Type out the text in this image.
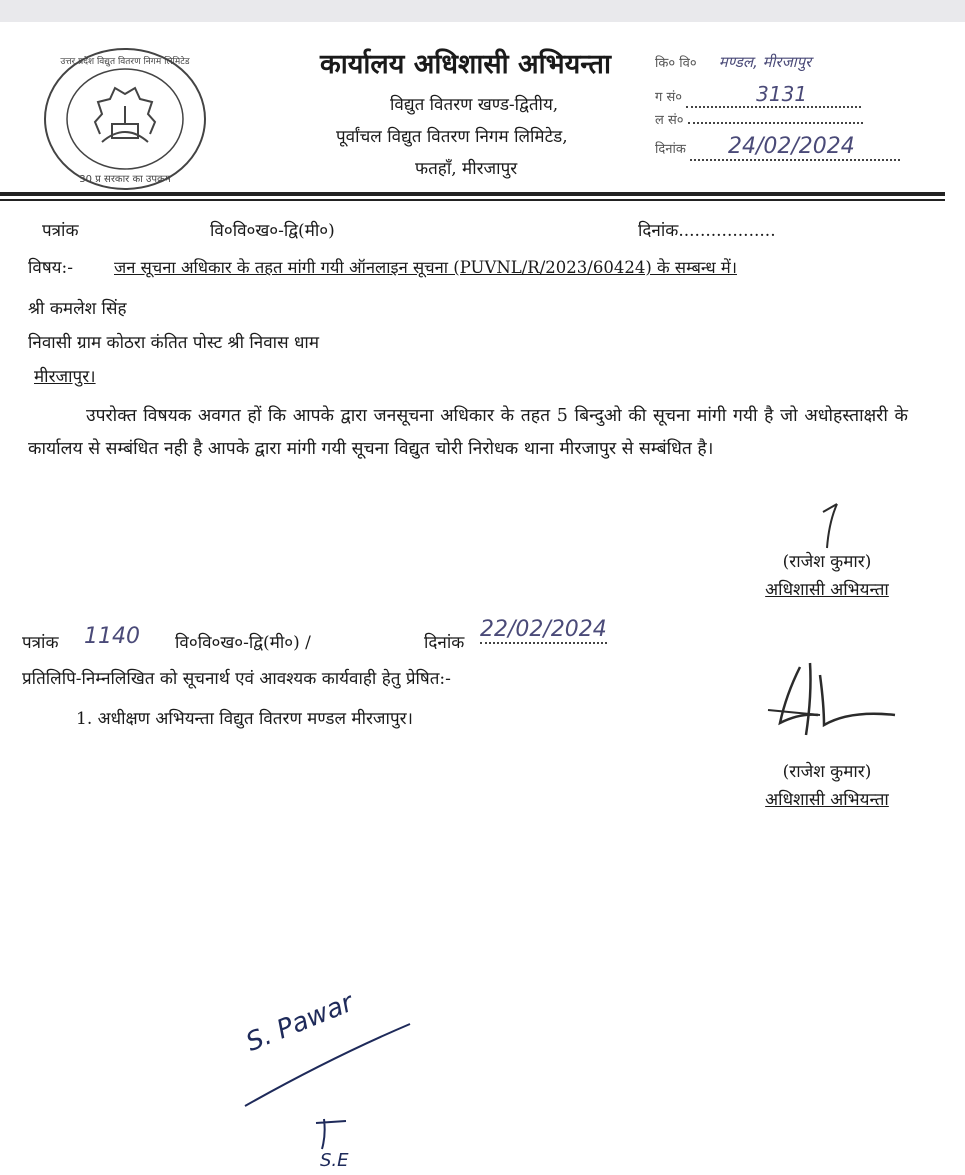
उत्तर प्रदेश विद्युत वितरण निगम लिमिटेड
30 प्र सरकार का उपक्रम
कार्यालय अधिशासी अभियन्ता
विद्युत वितरण खण्ड-द्वितीय,
पूर्वांचल विद्युत वितरण निगम लिमिटेड,
फतहाँ, मीरजापुर
कि० वि० मण्डल, मीरजापुर
ग सं०	3131
ल सं०
दिनांक 24/02/2024
पत्रांक	वि०वि०ख०-द्वि(मी०)	दिनांक..................
विषय:- जन सूचना अधिकार के तहत मांगी गयी ऑनलाइन सूचना (PUVNL/R/2023/60424) के सम्बन्ध में।
श्री कमलेश सिंह
निवासी ग्राम कोठरा कंतित पोस्ट श्री निवास धाम
मीरजापुर।
उपरोक्त विषयक अवगत हों कि आपके द्वारा जनसूचना अधिकार के तहत 5 बिन्दुओ की सूचना मांगी गयी है जो अधोहस्ताक्षरी के कार्यालय से सम्बंधित नही है आपके द्वारा मांगी गयी सूचना विद्युत चोरी निरोधक थाना मीरजापुर से सम्बंधित है।
(राजेश कुमार)
अधिशासी अभियन्ता
पत्रांक 1140 वि०वि०ख०-द्वि(मी०) /	दिनांक
22/02/2024
प्रतिलिपि-निम्नलिखित को सूचनार्थ एवं आवश्यक कार्यवाही हेतु प्रेषित:-
1. अधीक्षण अभियन्ता विद्युत वितरण मण्डल मीरजापुर।
(राजेश कुमार)
अधिशासी अभियन्ता
S. Pawar
S.E
